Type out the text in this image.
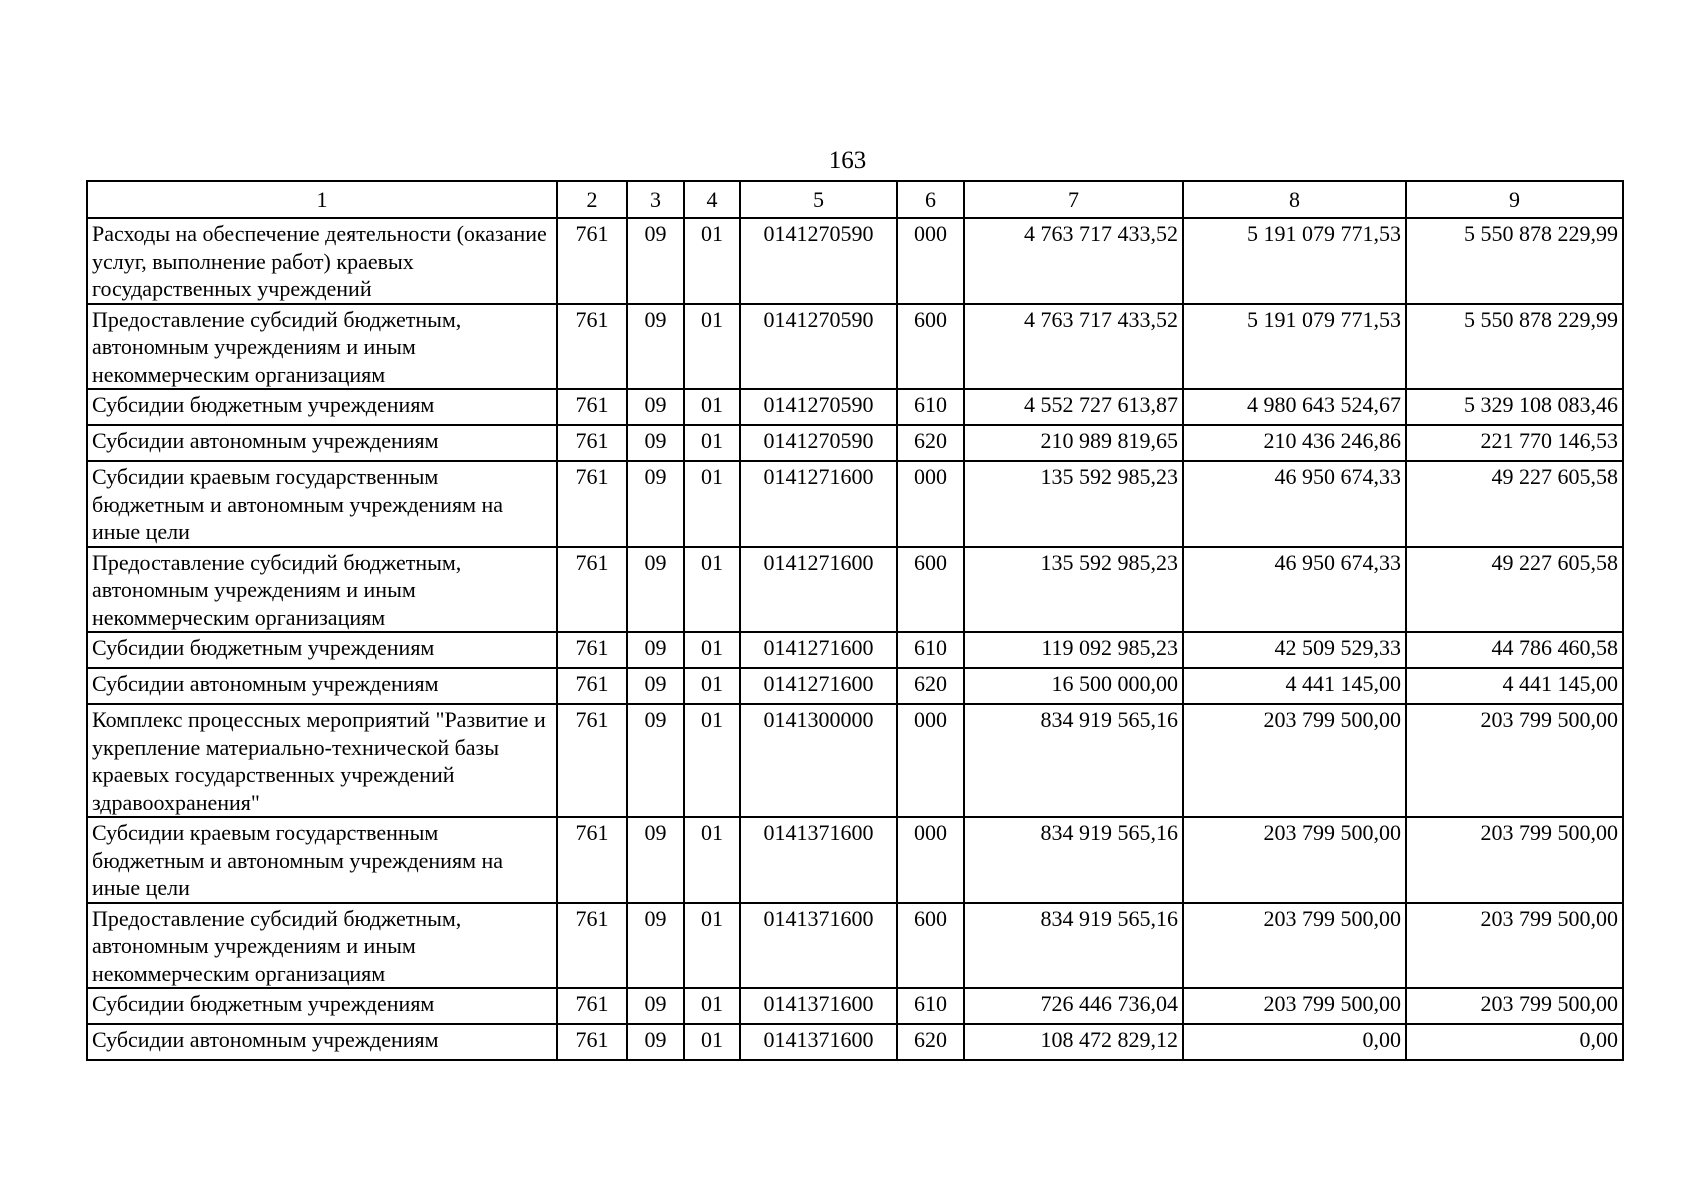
163
1	2	3	4	5	6	7	8	9
Расходы на обеспечение деятельности (оказание услуг, выполнение работ) краевых государственных учреждений	761	09	01	0141270590	000	4 763 717 433,52	5 191 079 771,53	5 550 878 229,99
Предоставление субсидий бюджетным, автономным учреждениям и иным некоммерческим организациям	761	09	01	0141270590	600	4 763 717 433,52	5 191 079 771,53	5 550 878 229,99
Субсидии бюджетным учреждениям	761	09	01	0141270590	610	4 552 727 613,87	4 980 643 524,67	5 329 108 083,46
Субсидии автономным учреждениям	761	09	01	0141270590	620	210 989 819,65	210 436 246,86	221 770 146,53
Субсидии краевым государственным бюджетным и автономным учреждениям на иные цели	761	09	01	0141271600	000	135 592 985,23	46 950 674,33	49 227 605,58
Предоставление субсидий бюджетным, автономным учреждениям и иным некоммерческим организациям	761	09	01	0141271600	600	135 592 985,23	46 950 674,33	49 227 605,58
Субсидии бюджетным учреждениям	761	09	01	0141271600	610	119 092 985,23	42 509 529,33	44 786 460,58
Субсидии автономным учреждениям	761	09	01	0141271600	620	16 500 000,00	4 441 145,00	4 441 145,00
Комплекс процессных мероприятий "Развитие и укрепление материально-технической базы краевых государственных учреждений здравоохранения"	761	09	01	0141300000	000	834 919 565,16	203 799 500,00	203 799 500,00
Субсидии краевым государственным бюджетным и автономным учреждениям на иные цели	761	09	01	0141371600	000	834 919 565,16	203 799 500,00	203 799 500,00
Предоставление субсидий бюджетным, автономным учреждениям и иным некоммерческим организациям	761	09	01	0141371600	600	834 919 565,16	203 799 500,00	203 799 500,00
Субсидии бюджетным учреждениям	761	09	01	0141371600	610	726 446 736,04	203 799 500,00	203 799 500,00
Субсидии автономным учреждениям	761	09	01	0141371600	620	108 472 829,12	0,00	0,00
